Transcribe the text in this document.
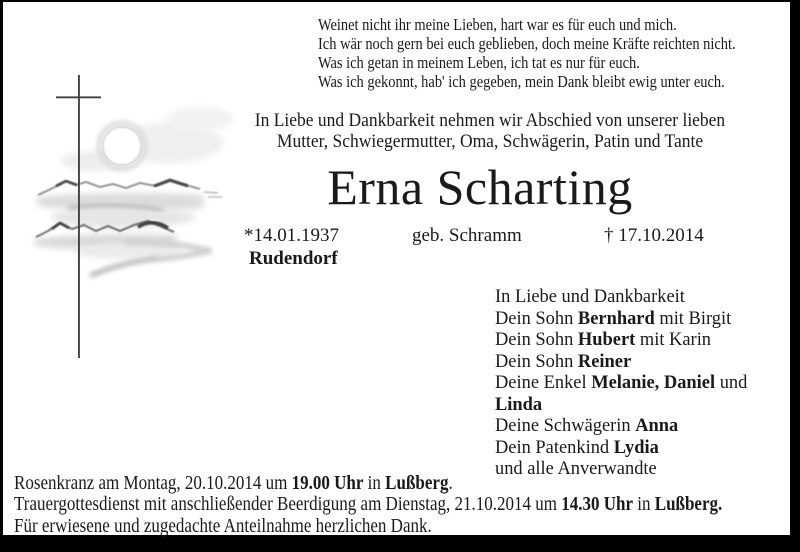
Weinet nicht ihr meine Lieben, hart war es für euch und mich.
Ich wär noch gern bei euch geblieben, doch meine Kräfte reichten nicht.
Was ich getan in meinem Leben, ich tat es nur für euch.
Was ich gekonnt, hab' ich gegeben, mein Dank bleibt ewig unter euch.
In Liebe und Dankbarkeit nehmen wir Abschied von unserer lieben
Mutter, Schwiegermutter, Oma, Schwägerin, Patin und Tante
Erna Scharting
*14.01.1937	geb. Schramm	† 17.10.2014
Rudendorf
In Liebe und Dankbarkeit
Dein Sohn Bernhard mit Birgit
Dein Sohn Hubert mit Karin
Dein Sohn Reiner
Deine Enkel Melanie, Daniel und
Linda
Deine Schwägerin Anna
Dein Patenkind Lydia
und alle Anverwandte
Rosenkranz am Montag, 20.10.2014 um 19.00 Uhr in Lußberg.
Trauergottesdienst mit anschließender Beerdigung am Dienstag, 21.10.2014 um 14.30 Uhr in Lußberg.
Für erwiesene und zugedachte Anteilnahme herzlichen Dank.
